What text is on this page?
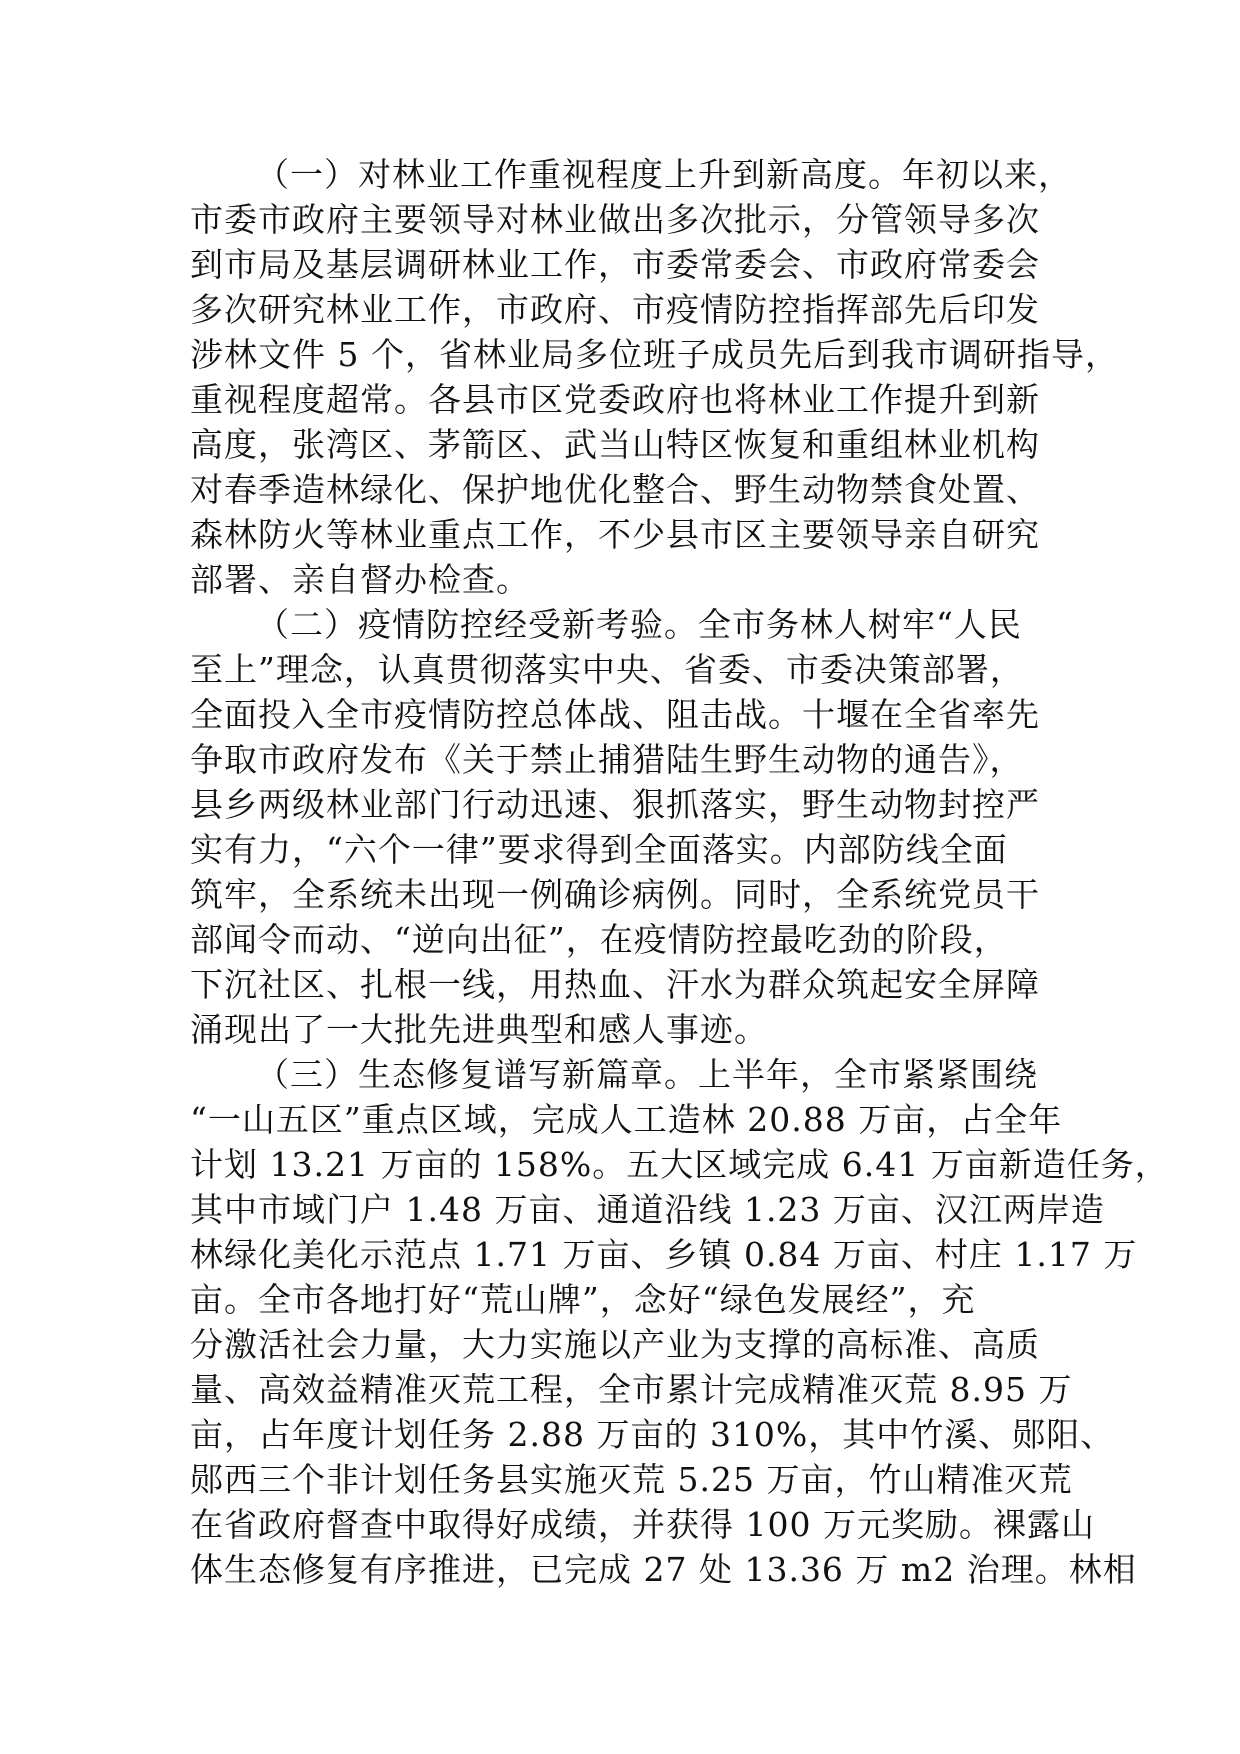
（一）对林业工作重视程度上升到新高度。年初以来，
市委市政府主要领导对林业做出多次批示，分管领导多次
到市局及基层调研林业工作，市委常委会、市政府常委会
多次研究林业工作，市政府、市疫情防控指挥部先后印发
涉林文件 5 个，省林业局多位班子成员先后到我市调研指导，
重视程度超常。各县市区党委政府也将林业工作提升到新
高度，张湾区、茅箭区、武当山特区恢复和重组林业机构
对春季造林绿化、保护地优化整合、野生动物禁食处置、
森林防火等林业重点工作，不少县市区主要领导亲自研究
部署、亲自督办检查。
（二）疫情防控经受新考验。全市务林人树牢“人民
至上”理念，认真贯彻落实中央、省委、市委决策部署，
全面投入全市疫情防控总体战、阻击战。十堰在全省率先
争取市政府发布《关于禁止捕猎陆生野生动物的通告》，
县乡两级林业部门行动迅速、狠抓落实，野生动物封控严
实有力，“六个一律”要求得到全面落实。内部防线全面
筑牢，全系统未出现一例确诊病例。同时，全系统党员干
部闻令而动、“逆向出征”，在疫情防控最吃劲的阶段，
下沉社区、扎根一线，用热血、汗水为群众筑起安全屏障
涌现出了一大批先进典型和感人事迹。
（三）生态修复谱写新篇章。上半年，全市紧紧围绕
“一山五区”重点区域，完成人工造林 20.88 万亩，占全年
计划 13.21 万亩的 158%。五大区域完成 6.41 万亩新造任务，
其中市域门户 1.48 万亩、通道沿线 1.23 万亩、汉江两岸造
林绿化美化示范点 1.71 万亩、乡镇 0.84 万亩、村庄 1.17 万
亩。全市各地打好“荒山牌”，念好“绿色发展经”，充
分激活社会力量，大力实施以产业为支撑的高标准、高质
量、高效益精准灭荒工程，全市累计完成精准灭荒 8.95 万
亩，占年度计划任务 2.88 万亩的 310%，其中竹溪、郧阳、
郧西三个非计划任务县实施灭荒 5.25 万亩，竹山精准灭荒
在省政府督查中取得好成绩，并获得 100 万元奖励。裸露山
体生态修复有序推进，已完成 27 处 13.36 万 m2 治理。林相
